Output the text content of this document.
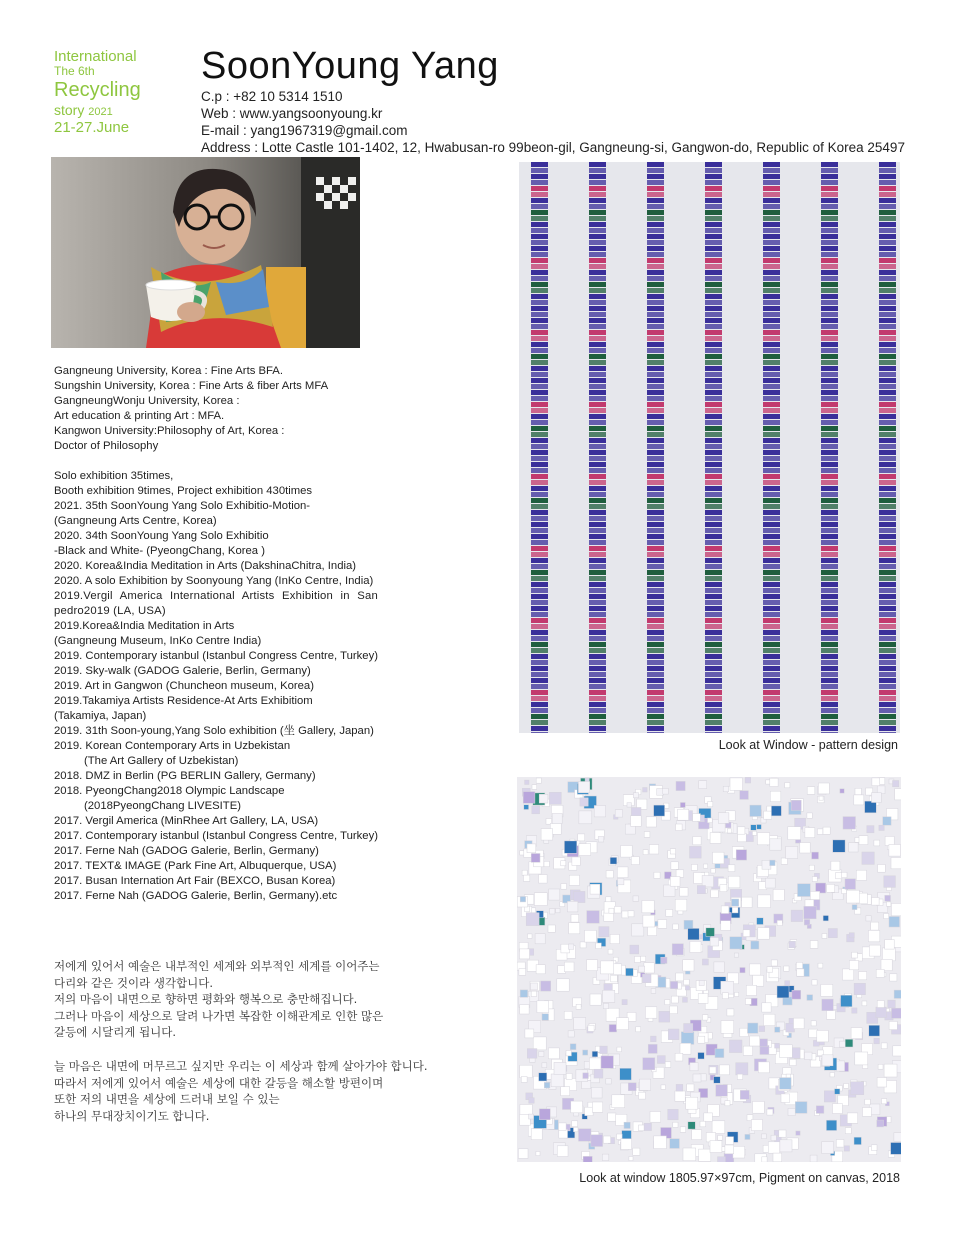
International
The 6th
Recycling
story 2021
21-27.June
SoonYoung Yang
C.p : +82 10 5314 1510
Web : www.yangsoonyoung.kr
E-mail : yang1967319@gmail.com
Address : Lotte Castle 101-1402, 12, Hwabusan-ro 99beon-gil, Gangneung-si, Gangwon-do, Republic of Korea 25497
Gangneung University, Korea : Fine Arts BFA.
Sungshin University, Korea : Fine Arts & fiber Arts MFA
GangneungWonju University, Korea :
Art education & printing Art : MFA.
Kangwon University:Philosophy of Art, Korea :
Doctor of Philosophy
Solo exhibition 35times,
Booth exhibition 9times, Project exhibition 430times
2021. 35th SoonYoung Yang Solo Exhibitio-Motion-
(Gangneung Arts Centre, Korea)
2020. 34th SoonYoung Yang Solo Exhibitio
-Black and White- (PyeongChang, Korea )
2020. Korea&India Meditation in Arts (DakshinaChitra, India)
2020. A solo Exhibition by Soonyoung Yang (InKo Centre, India)
2019.Vergil America International Artists Exhibition in San pedro2019 (LA, USA)
2019.Korea&India Meditation in Arts
(Gangneung Museum, InKo Centre India)
2019. Contemporary istanbul (Istanbul Congress Centre, Turkey)
2019. Sky-walk (GADOG Galerie, Berlin, Germany)
2019. Art in Gangwon (Chuncheon museum, Korea)
2019.Takamiya Artists Residence-At Arts Exhibitiom
(Takamiya, Japan)
2019. 31th Soon-young,Yang Solo exhibition (坐 Gallery, Japan)
2019. Korean Contemporary Arts in Uzbekistan
(The Art Gallery of Uzbekistan)
2018. DMZ in Berlin (PG BERLIN Gallery, Germany)
2018. PyeongChang2018 Olympic Landscape
(2018PyeongChang LIVESITE)
2017. Vergil America (MinRhee Art Gallery, LA, USA)
2017. Contemporary istanbul (Istanbul Congress Centre, Turkey)
2017. Ferne Nah (GADOG Galerie, Berlin, Germany)
2017. TEXT& IMAGE (Park Fine Art, Albuquerque, USA)
2017. Busan Internation Art Fair (BEXCO, Busan Korea)
2017. Ferne Nah (GADOG Galerie, Berlin, Germany).etc
저에게 있어서 예술은 내부적인 세계와 외부적인 세계를 이어주는
다리와 같은 것이라 생각합니다.
저의 마음이 내면으로 향하면 평화와 행복으로 충만해집니다.
그러나 마음이 세상으로 달려 나가면 복잡한 이해관계로 인한 많은
갈등에 시달리게 됩니다.
늘 마음은 내면에 머무르고 싶지만 우리는 이 세상과 함께 살아가야 합니다.
따라서 저에게 있어서 예술은 세상에 대한 갈등을 해소할 방편이며
또한 저의 내면을 세상에 드러내 보일 수 있는
하나의 무대장치이기도 합니다.
Look at Window - pattern design
Look at window 1805.97×97cm, Pigment on canvas, 2018
